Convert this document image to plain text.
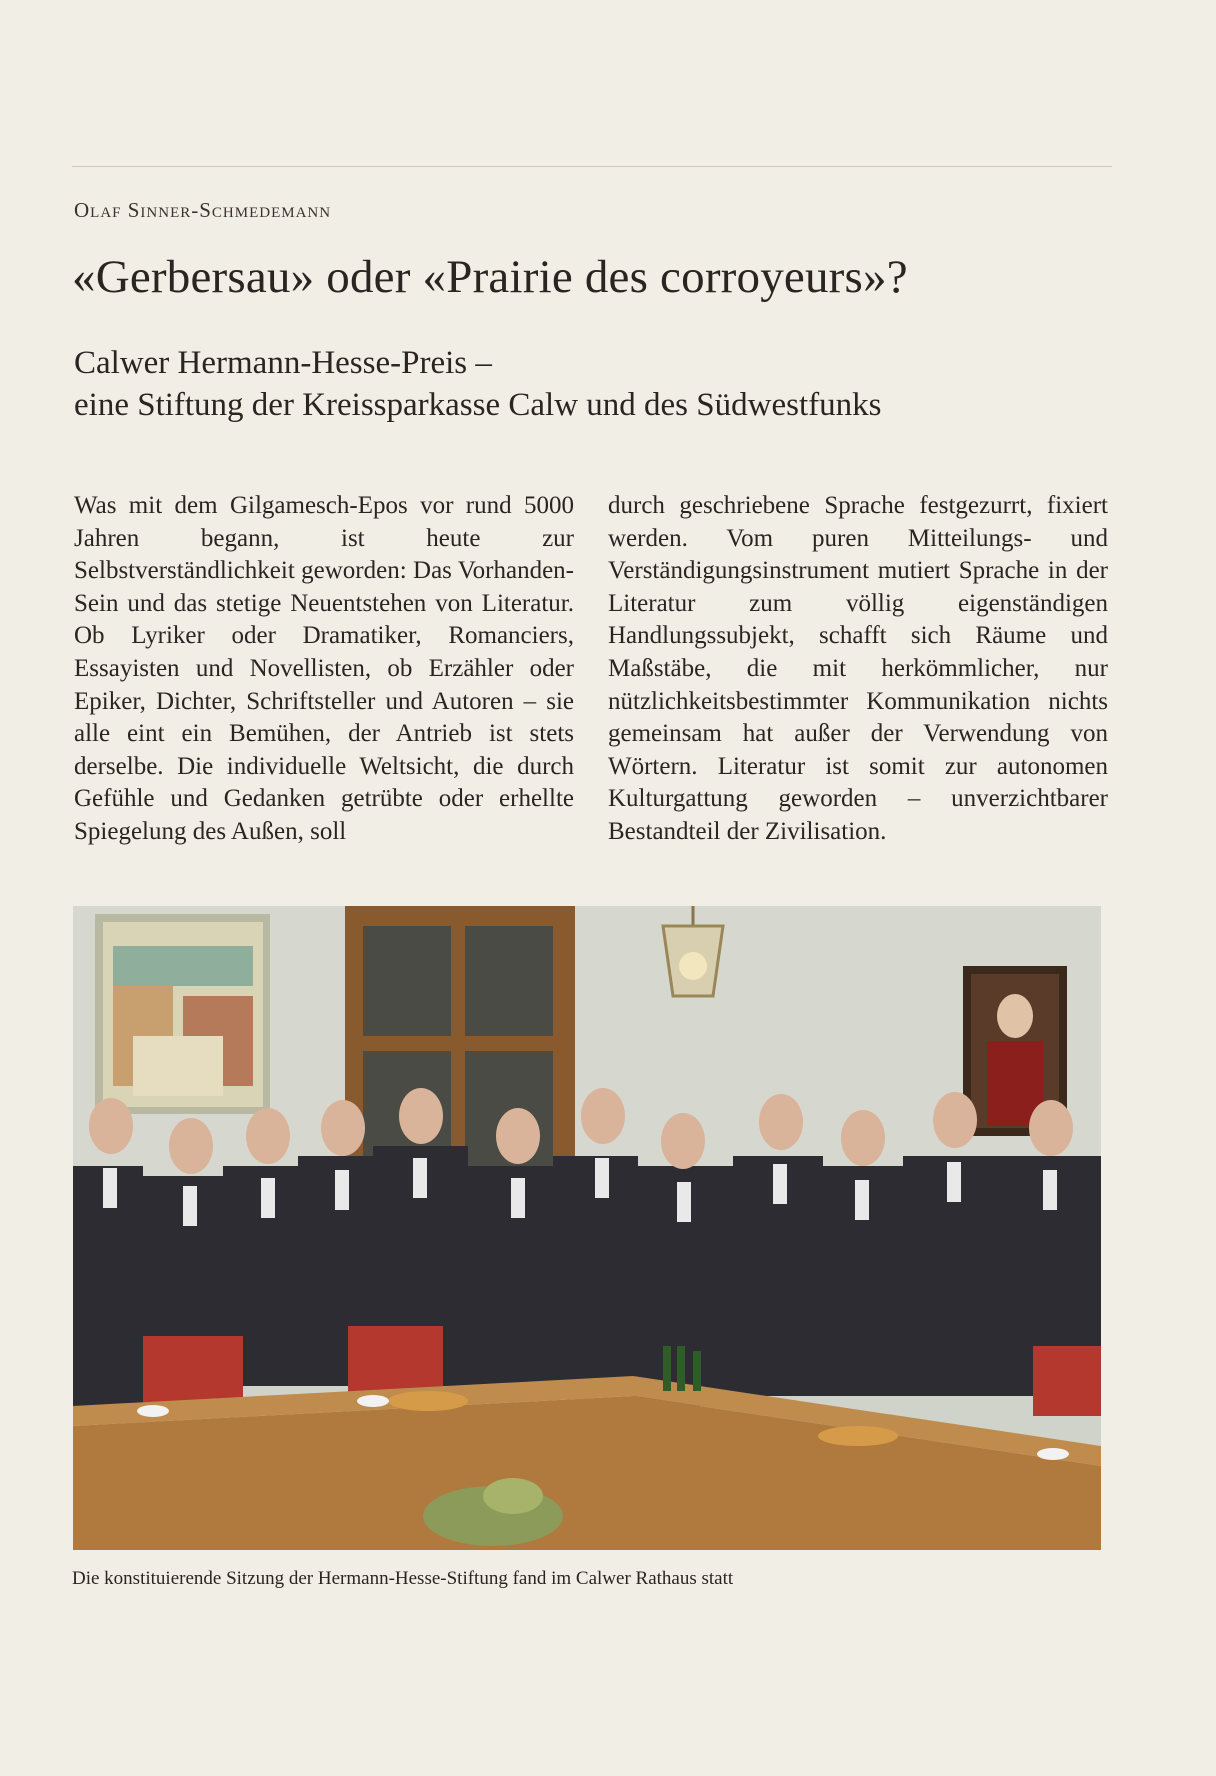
Olaf Sinner-Schmedemann
«Gerbersau» oder «Prairie des corroyeurs»?
Calwer Hermann-Hesse-Preis –
eine Stiftung der Kreissparkasse Calw und des Südwestfunks
Was mit dem Gilgamesch-Epos vor rund 5000 Jahren begann, ist heute zur Selbstverständlichkeit geworden: Das Vorhanden-Sein und das stetige Neuentstehen von Literatur. Ob Lyriker oder Dramatiker, Romanciers, Essayisten und Novellisten, ob Erzähler oder Epiker, Dichter, Schriftsteller und Autoren – sie alle eint ein Bemühen, der Antrieb ist stets derselbe. Die individuelle Weltsicht, die durch Gefühle und Gedanken getrübte oder erhellte Spiegelung des Außen, soll
durch geschriebene Sprache festgezurrt, fixiert werden. Vom puren Mitteilungs- und Verständigungsinstrument mutiert Sprache in der Literatur zum völlig eigenständigen Handlungssubjekt, schafft sich Räume und Maßstäbe, die mit herkömmlicher, nur nützlichkeitsbestimmter Kommunikation nichts gemeinsam hat außer der Verwendung von Wörtern. Literatur ist somit zur autonomen Kulturgattung geworden – unverzichtbarer Bestandteil der Zivilisation.
Die konstituierende Sitzung der Hermann-Hesse-Stiftung fand im Calwer Rathaus statt
